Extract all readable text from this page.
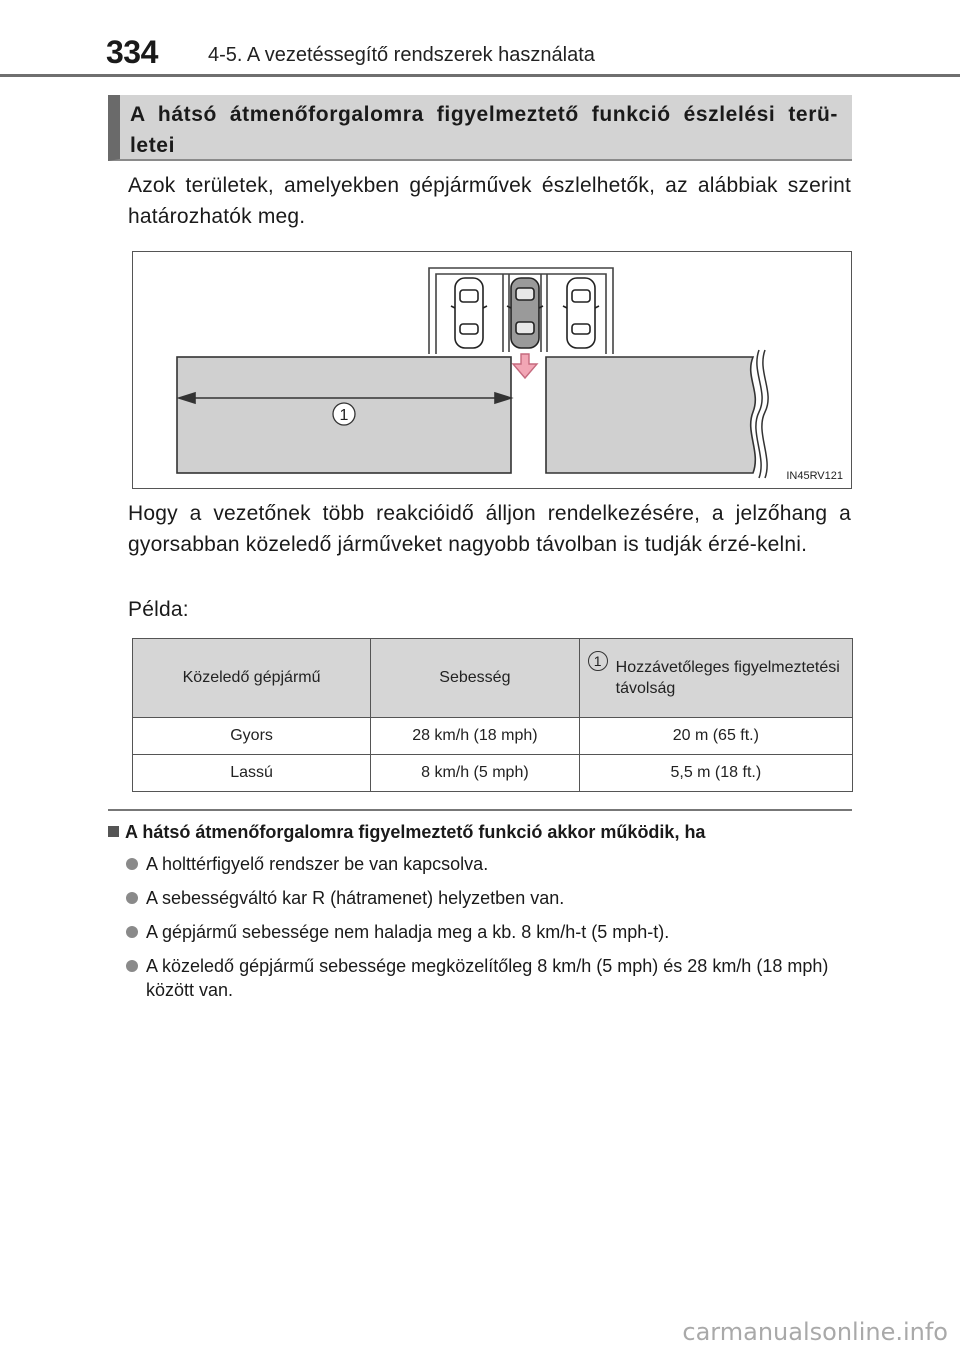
334	4-5. A vezetéssegítő rendszerek használata
A hátsó átmenőforgalomra figyelmeztető funkció észlelési terü-letei
Azok területek, amelyekben gépjárművek észlelhetők, az alábbiak szerint határozhatók meg.
1
IN45RV121
Hogy a vezetőnek több reakcióidő álljon rendelkezésére, a jelzőhang a gyorsabban közeledő járműveket nagyobb távolban is tudják érzé-kelni.
Példa:
Közeledő gépjármű	Sebesség	1 Hozzávetőleges figyelmeztetési távolság

Gyors	28 km/h (18 mph)	20 m (65 ft.)
Lassú	8 km/h (5 mph)	5,5 m (18 ft.)
A hátsó átmenőforgalomra figyelmeztető funkció akkor működik, ha
A holttérfigyelő rendszer be van kapcsolva.
A sebességváltó kar R (hátramenet) helyzetben van.
A gépjármű sebessége nem haladja meg a kb. 8 km/h-t (5 mph-t).
A közeledő gépjármű sebessége megközelítőleg 8 km/h (5 mph) és 28 km/h (18 mph) között van.
carmanualsonline.info
